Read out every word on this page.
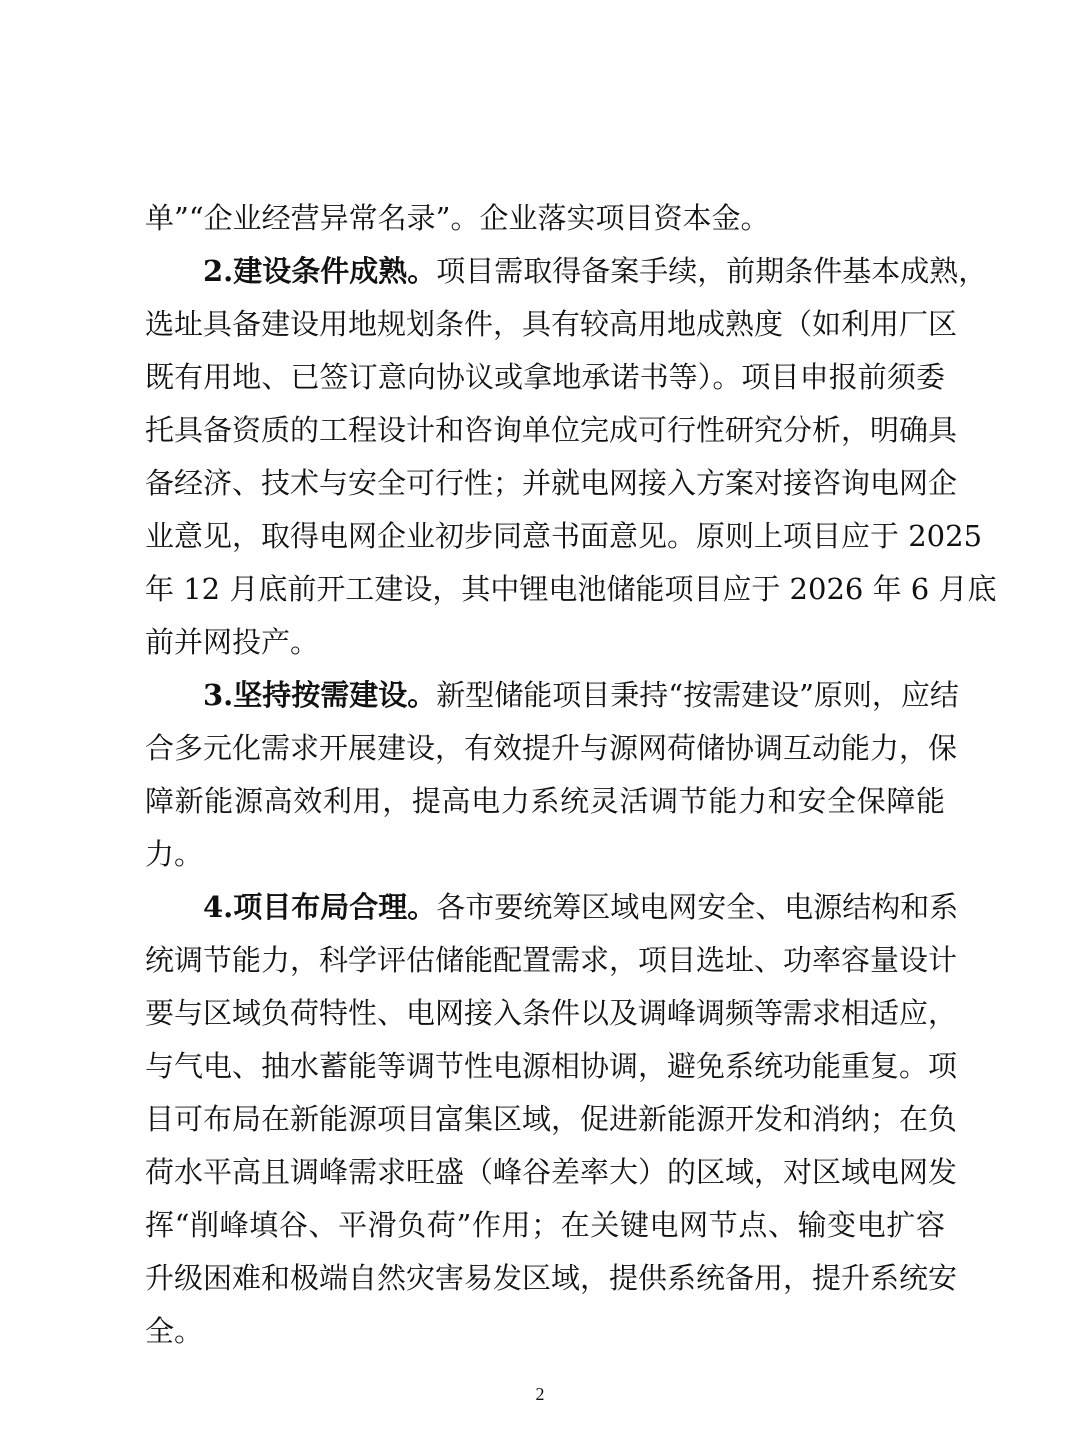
单”“企业经营异常名录”。企业落实项目资本金。
2.建设条件成熟。项目需取得备案手续，前期条件基本成熟，
选址具备建设用地规划条件，具有较高用地成熟度（如利用厂区
既有用地、已签订意向协议或拿地承诺书等）。项目申报前须委
托具备资质的工程设计和咨询单位完成可行性研究分析，明确具
备经济、技术与安全可行性；并就电网接入方案对接咨询电网企
业意见，取得电网企业初步同意书面意见。原则上项目应于 2025
年 12 月底前开工建设，其中锂电池储能项目应于 2026 年 6 月底
前并网投产。
3.坚持按需建设。新型储能项目秉持“按需建设”原则，应结
合多元化需求开展建设，有效提升与源网荷储协调互动能力，保
障新能源高效利用，提高电力系统灵活调节能力和安全保障能
力。
4.项目布局合理。各市要统筹区域电网安全、电源结构和系
统调节能力，科学评估储能配置需求，项目选址、功率容量设计
要与区域负荷特性、电网接入条件以及调峰调频等需求相适应，
与气电、抽水蓄能等调节性电源相协调，避免系统功能重复。项
目可布局在新能源项目富集区域，促进新能源开发和消纳；在负
荷水平高且调峰需求旺盛（峰谷差率大）的区域，对区域电网发
挥“削峰填谷、平滑负荷”作用；在关键电网节点、输变电扩容
升级困难和极端自然灾害易发区域，提供系统备用，提升系统安
全。
2
